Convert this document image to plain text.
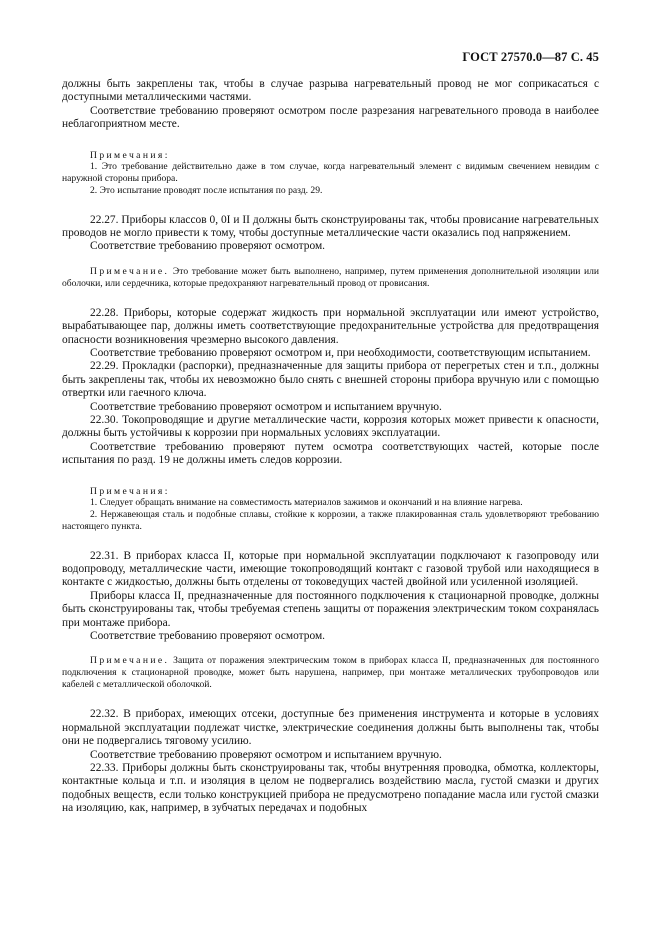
ГОСТ 27570.0—87 С. 45

должны быть закреплены так, чтобы в случае разрыва нагревательный провод не мог соприкасаться с доступными металлическими частями.

Соответствие требованию проверяют осмотром после разрезания нагревательного провода в наиболее неблагоприятном месте.

Примечания:
1. Это требование действительно даже в том случае, когда нагревательный элемент с видимым свечением невидим с наружной стороны прибора.
2. Это испытание проводят после испытания по разд. 29.

22.27. Приборы классов 0, 0I и II должны быть сконструированы так, чтобы провисание нагревательных проводов не могло привести к тому, чтобы доступные металлические части оказались под напряжением.

Соответствие требованию проверяют осмотром.

Примечание. Это требование может быть выполнено, например, путем применения дополнительной изоляции или оболочки, или сердечника, которые предохраняют нагревательный провод от провисания.

22.28. Приборы, которые содержат жидкость при нормальной эксплуатации или имеют устройство, вырабатывающее пар, должны иметь соответствующие предохранительные устройства для предотвращения опасности возникновения чрезмерно высокого давления.

Соответствие требованию проверяют осмотром и, при необходимости, соответствующим испытанием.

22.29. Прокладки (распорки), предназначенные для защиты прибора от перегретых стен и т.п., должны быть закреплены так, чтобы их невозможно было снять с внешней стороны прибора вручную или с помощью отвертки или гаечного ключа.

Соответствие требованию проверяют осмотром и испытанием вручную.

22.30. Токопроводящие и другие металлические части, коррозия которых может привести к опасности, должны быть устойчивы к коррозии при нормальных условиях эксплуатации.

Соответствие требованию проверяют путем осмотра соответствующих частей, которые после испытания по разд. 19 не должны иметь следов коррозии.

Примечания:
1. Следует обращать внимание на совместимость материалов зажимов и окончаний и на влияние нагрева.
2. Нержавеющая сталь и подобные сплавы, стойкие к коррозии, а также плакированная сталь удовлетворяют требованию настоящего пункта.

22.31. В приборах класса II, которые при нормальной эксплуатации подключают к газопроводу или водопроводу, металлические части, имеющие токопроводящий контакт с газовой трубой или находящиеся в контакте с жидкостью, должны быть отделены от токоведущих частей двойной или усиленной изоляцией.

Приборы класса II, предназначенные для постоянного подключения к стационарной проводке, должны быть сконструированы так, чтобы требуемая степень защиты от поражения электрическим током сохранялась при монтаже прибора.

Соответствие требованию проверяют осмотром.

Примечание. Защита от поражения электрическим током в приборах класса II, предназначенных для постоянного подключения к стационарной проводке, может быть нарушена, например, при монтаже металлических трубопроводов или кабелей с металлической оболочкой.

22.32. В приборах, имеющих отсеки, доступные без применения инструмента и которые в условиях нормальной эксплуатации подлежат чистке, электрические соединения должны быть выполнены так, чтобы они не подвергались тяговому усилию.

Соответствие требованию проверяют осмотром и испытанием вручную.

22.33. Приборы должны быть сконструированы так, чтобы внутренняя проводка, обмотка, коллекторы, контактные кольца и т.п. и изоляция в целом не подвергались воздействию масла, густой смазки и других подобных веществ, если только конструкцией прибора не предусмотрено попадание масла или густой смазки на изоляцию, как, например, в зубчатых передачах и подобных
